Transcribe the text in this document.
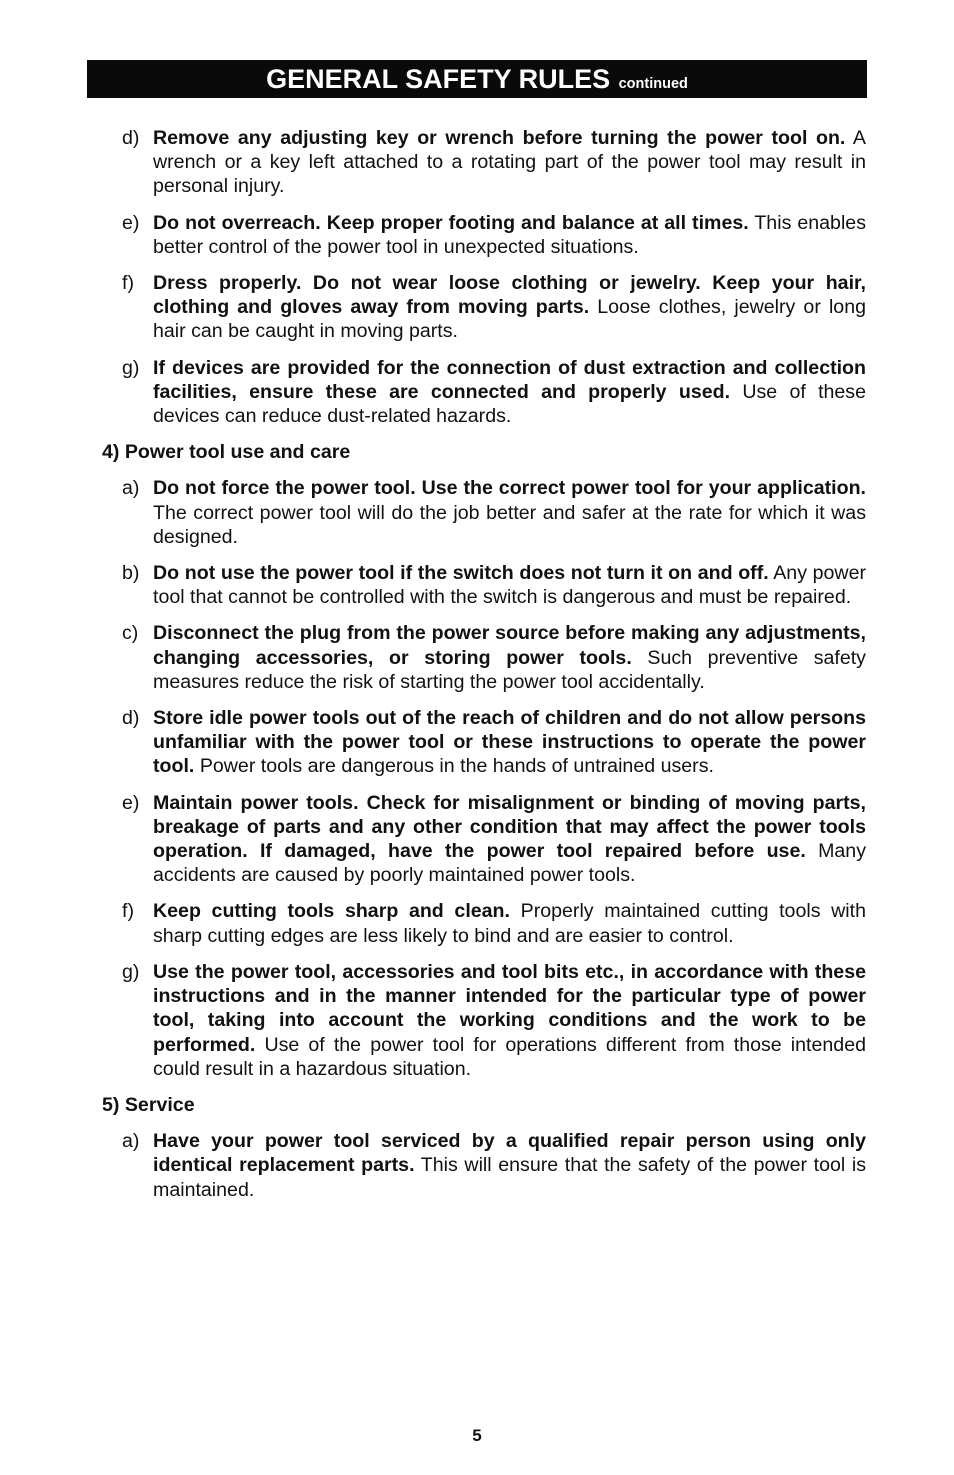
GENERAL SAFETY RULES continued
d) Remove any adjusting key or wrench before turning the power tool on. A wrench or a key left attached to a rotating part of the power tool may result in personal injury.
e) Do not overreach. Keep proper footing and balance at all times. This enables better control of the power tool in unexpected situations.
f) Dress properly. Do not wear loose clothing or jewelry. Keep your hair, clothing and gloves away from moving parts. Loose clothes, jewelry or long hair can be caught in moving parts.
g) If devices are provided for the connection of dust extraction and collection facilities, ensure these are connected and properly used. Use of these devices can reduce dust-related hazards.
4) Power tool use and care
a) Do not force the power tool. Use the correct power tool for your application. The correct power tool will do the job better and safer at the rate for which it was designed.
b) Do not use the power tool if the switch does not turn it on and off. Any power tool that cannot be controlled with the switch is dangerous and must be repaired.
c) Disconnect the plug from the power source before making any adjustments, changing accessories, or storing power tools. Such preventive safety measures reduce the risk of starting the power tool accidentally.
d) Store idle power tools out of the reach of children and do not allow persons unfamiliar with the power tool or these instructions to operate the power tool. Power tools are dangerous in the hands of untrained users.
e) Maintain power tools. Check for misalignment or binding of moving parts, breakage of parts and any other condition that may affect the power tools operation. If damaged, have the power tool repaired before use. Many accidents are caused by poorly maintained power tools.
f) Keep cutting tools sharp and clean. Properly maintained cutting tools with sharp cutting edges are less likely to bind and are easier to control.
g) Use the power tool, accessories and tool bits etc., in accordance with these instructions and in the manner intended for the particular type of power tool, taking into account the working conditions and the work to be performed. Use of the power tool for operations different from those intended could result in a hazardous situation.
5) Service
a) Have your power tool serviced by a qualified repair person using only identical replacement parts. This will ensure that the safety of the power tool is maintained.
5
